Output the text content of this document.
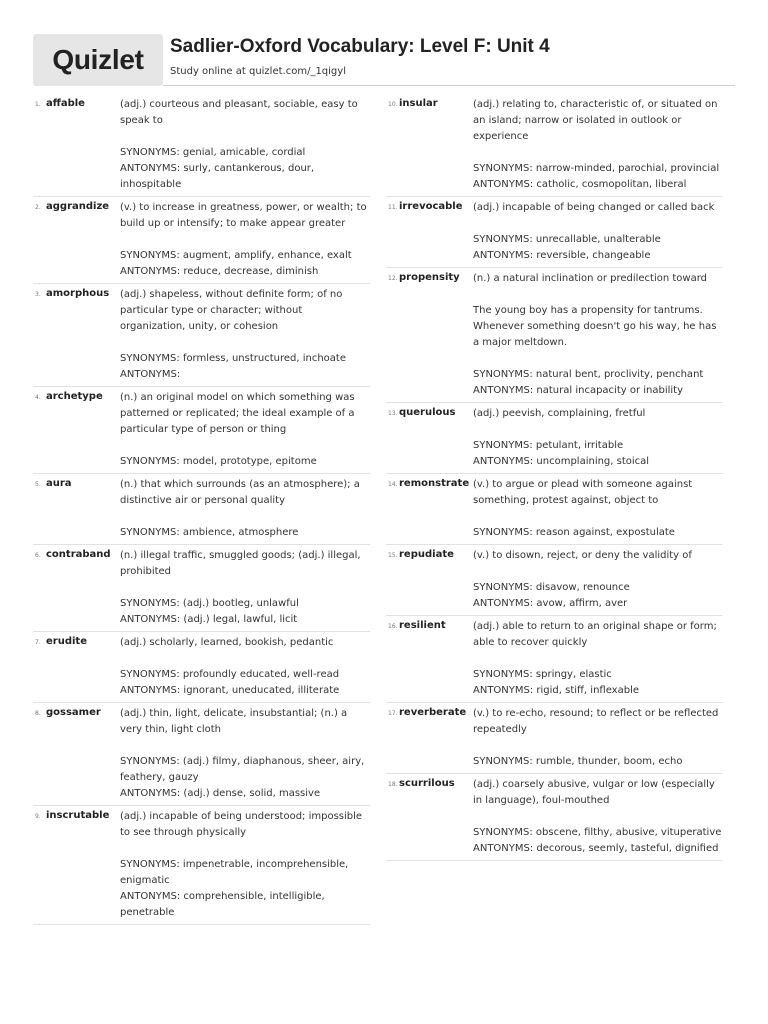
Quizlet Sadlier-Oxford Vocabulary: Level F: Unit 4
Study online at quizlet.com/_1qigyl
1. affable	(adj.) courteous and pleasant, sociable, easy to speak to

SYNONYMS: genial, amicable, cordial

ANTONYMS: surly, cantankerous, dour, inhospitable

2. aggrandize	(v.) to increase in greatness, power, or wealth; to build up or intensify; to make appear greater

SYNONYMS: augment, amplify, enhance, exalt

ANTONYMS: reduce, decrease, diminish

3. amorphous	(adj.) shapeless, without definite form; of no particular type or character; without organization, unity, or cohesion

SYNONYMS: formless, unstructured, inchoate

ANTONYMS:

4. archetype	(n.) an original model on which something was patterned or replicated; the ideal example of a particular type of person or thing

SYNONYMS: model, prototype, epitome

5. aura	(n.) that which surrounds (as an atmosphere); a distinctive air or personal quality

SYNONYMS: ambience, atmosphere

6. contraband (n.) illegal traffic, smuggled goods; (adj.) illegal, prohibited

SYNONYMS: (adj.) bootleg, unlawful

ANTONYMS: (adj.) legal, lawful, licit

7. erudite	(adj.) scholarly, learned, bookish, pedantic

SYNONYMS: profoundly educated, well-read

ANTONYMS: ignorant, uneducated, illiterate

8. gossamer	(adj.) thin, light, delicate, insubstantial; (n.) a very thin, light cloth

SYNONYMS: (adj.) filmy, diaphanous, sheer, airy, feathery, gauzy

ANTONYMS: (adj.) dense, solid, massive

9. inscrutable	(adj.) incapable of being understood; impossible to see through physically

SYNONYMS: impenetrable, incomprehensible, enigmatic

ANTONYMS: comprehensible, intelligible, penetrable

10. insular	(adj.) relating to, characteristic of, or situated on an island; narrow or isolated in outlook or experience

SYNONYMS: narrow-minded, parochial, provincial

ANTONYMS: catholic, cosmopolitan, liberal

11. irrevocable	(adj.) incapable of being changed or called back

SYNONYMS: unrecallable, unalterable

ANTONYMS: reversible, changeable

12. propensity	(n.) a natural inclination or predilection toward

The young boy has a propensity for tantrums. Whenever something doesn't go his way, he has a major meltdown.

SYNONYMS: natural bent, proclivity, penchant

ANTONYMS: natural incapacity or inability

13. querulous	(adj.) peevish, complaining, fretful

SYNONYMS: petulant, irritable

ANTONYMS: uncomplaining, stoical

14. remonstrate (v.) to argue or plead with someone against something, protest against, object to

SYNONYMS: reason against, expostulate

15. repudiate	(v.) to disown, reject, or deny the validity of

SYNONYMS: disavow, renounce

ANTONYMS: avow, affirm, aver

16. resilient	(adj.) able to return to an original shape or form; able to recover quickly

SYNONYMS: springy, elastic

ANTONYMS: rigid, stiff, inflexable

17. reverberate (v.) to re-echo, resound; to reflect or be reflected repeatedly

SYNONYMS: rumble, thunder, boom, echo

18. scurrilous	(adj.) coarsely abusive, vulgar or low (especially in language), foul-mouthed

SYNONYMS: obscene, filthy, abusive, vituperative

ANTONYMS: decorous, seemly, tasteful, dignified
